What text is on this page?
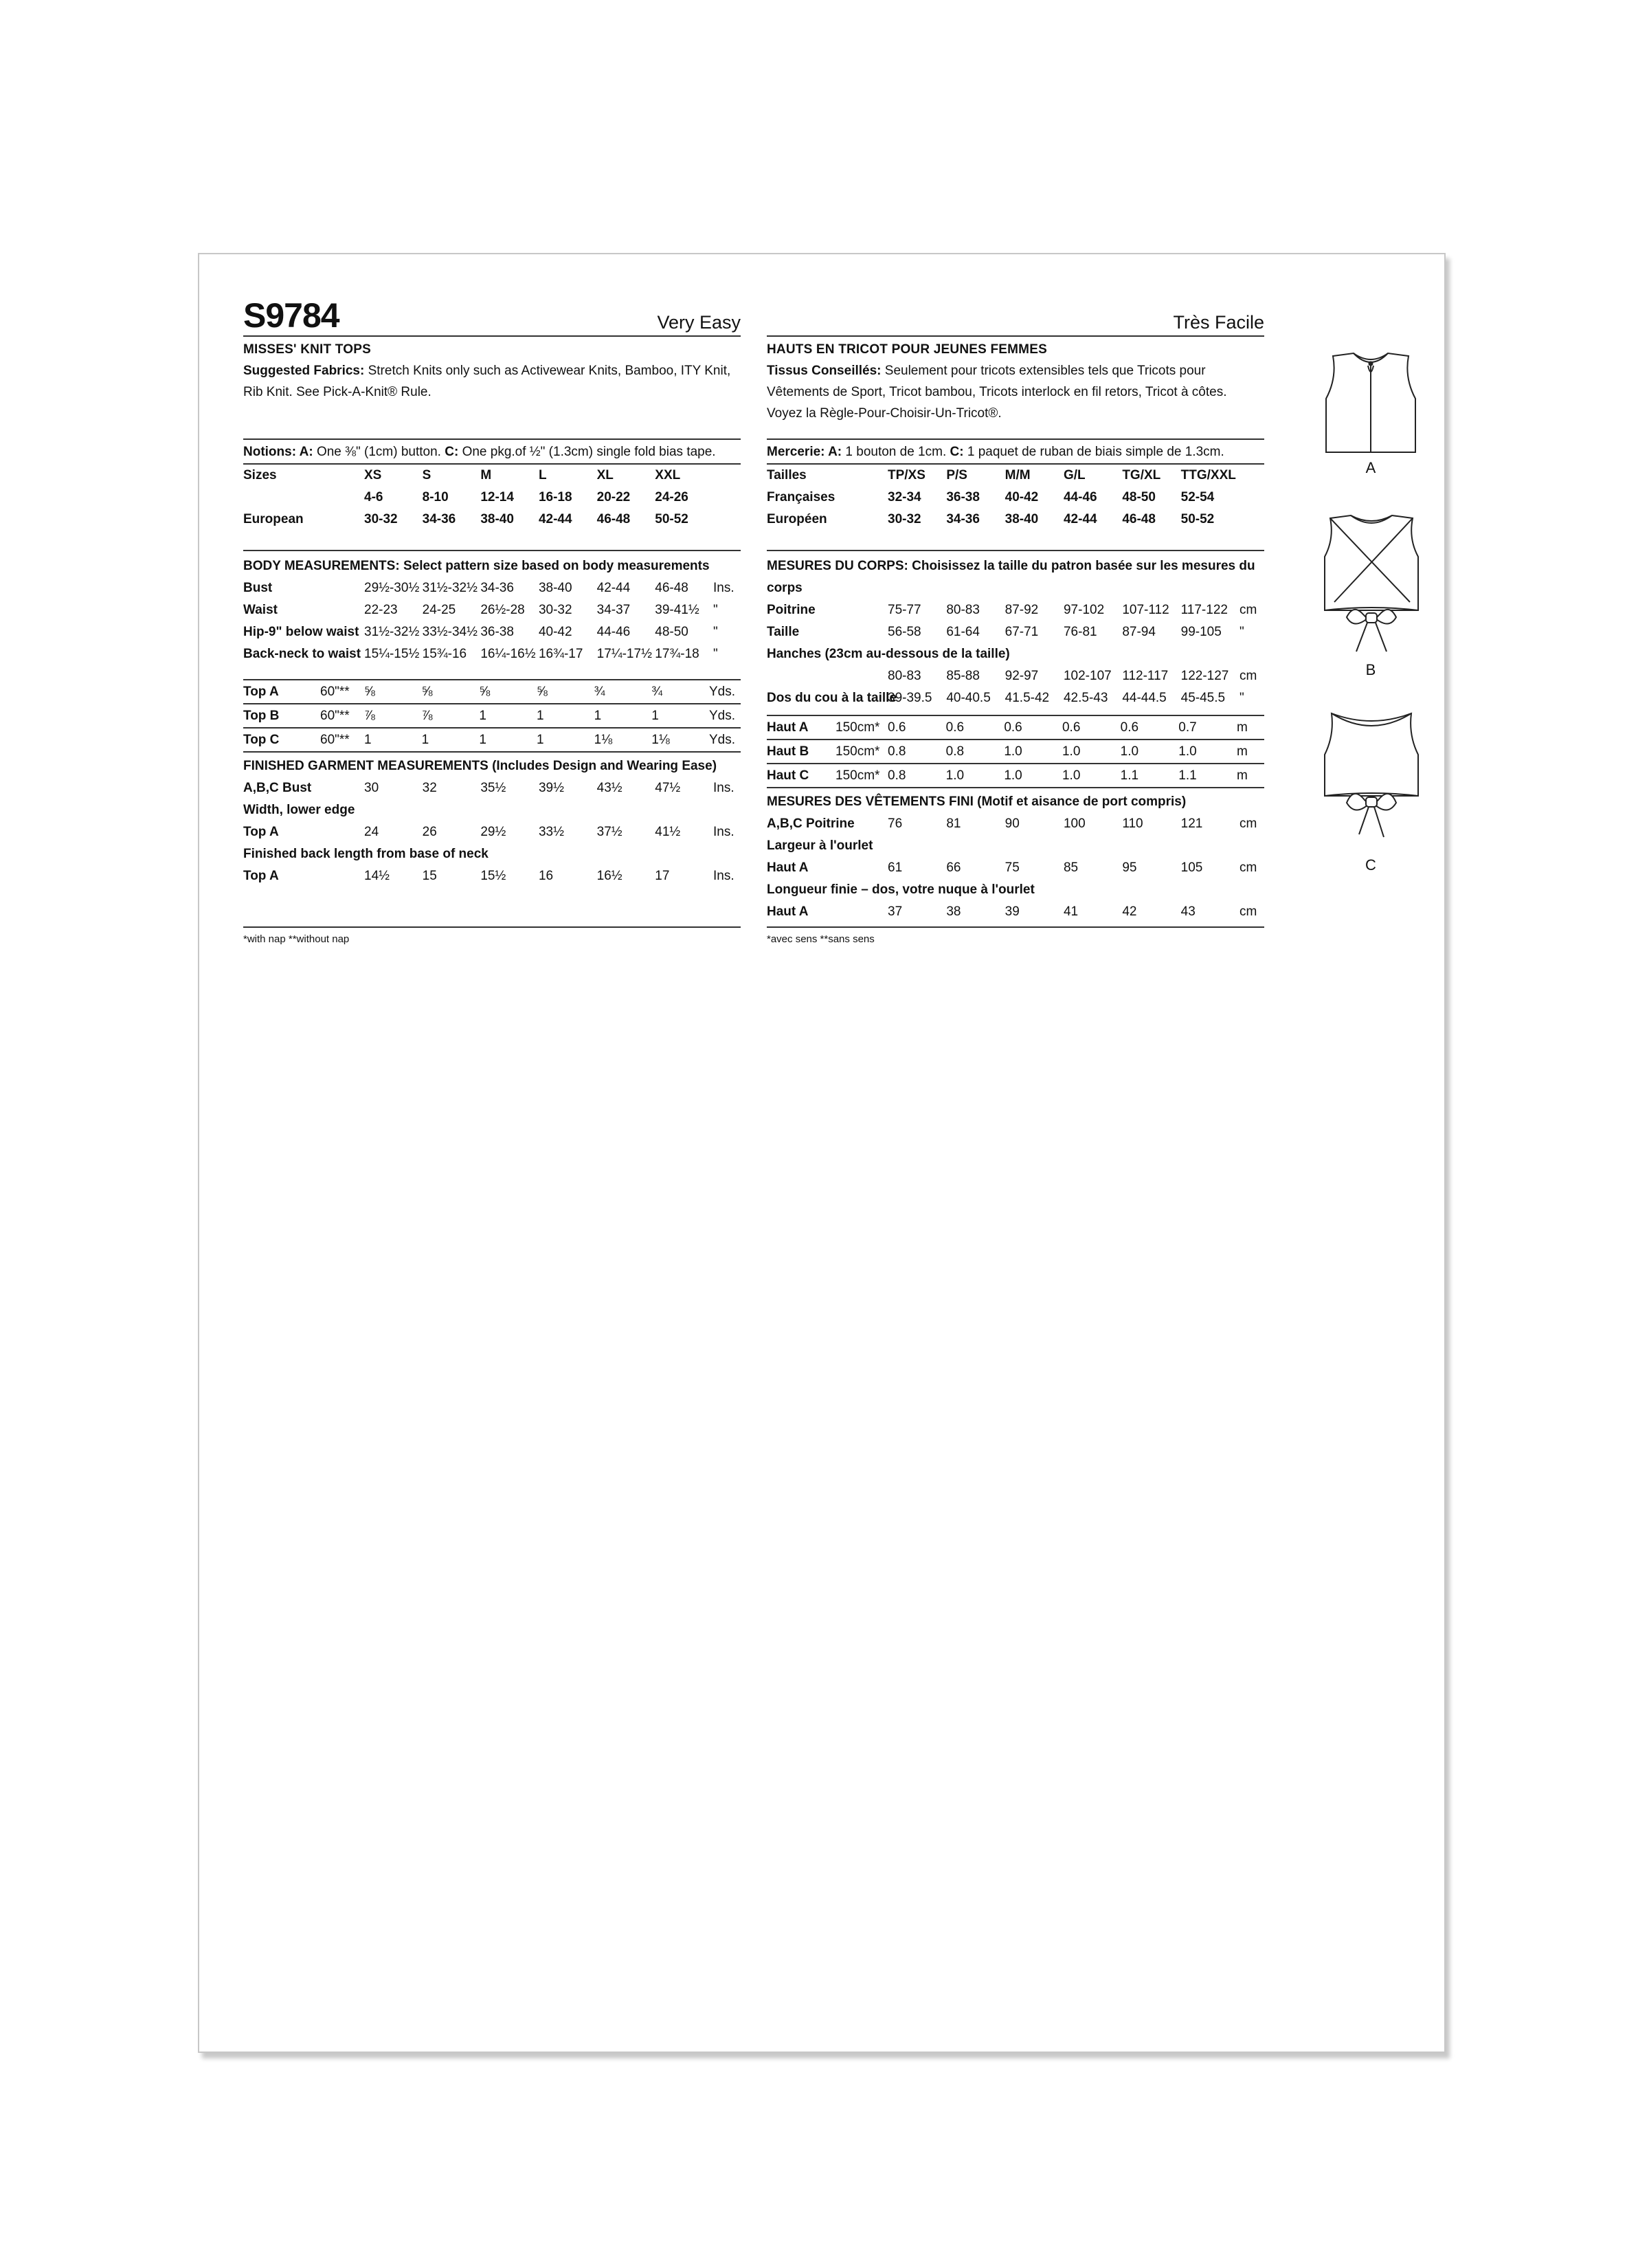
S9784	Very Easy
MISSES' KNIT TOPS
Suggested Fabrics: Stretch Knits only such as Activewear Knits, Bamboo, ITY Knit, Rib Knit. See Pick-A-Knit® Rule.
Notions: A: One ⅜" (1cm) button. C: One pkg.of ½" (1.3cm) single fold bias tape.
Sizes	XS	S	M	L	XL	XXL	
	4-6	8-10	12-14	16-18	20-22	24-26	
European	30-32	34-36	38-40	42-44	46-48	50-52	
BODY MEASUREMENTS: Select pattern size based on body measurements
Bust	29½-30½	31½-32½	34-36	38-40	42-44	46-48	Ins.
Waist	22-23	24-25	26½-28	30-32	34-37	39-41½	"
Hip-9" below waist	31½-32½	33½-34½	36-38	40-42	44-46	48-50	"
Back-neck to waist	15¼-15½	15¾-16	16¼-16½	16¾-17	17¼-17½	17¾-18	"
Top A	60"**	⅝	⅝	⅝	⅝	¾	¾	Yds.
Top B	60"**	⅞	⅞	1	1	1	1	Yds.
Top C	60"**	1	1	1	1	1⅛	1⅛	Yds.
FINISHED GARMENT MEASUREMENTS (Includes Design and Wearing Ease)
A,B,C Bust	30	32	35½	39½	43½	47½	Ins.
Width, lower edge
Top A	24	26	29½	33½	37½	41½	Ins.
Finished back length from base of neck
Top A	14½	15	15½	16	16½	17	Ins.
*with nap **without nap
Très Facile
HAUTS EN TRICOT POUR JEUNES FEMMES
Tissus Conseillés: Seulement pour tricots extensibles tels que Tricots pour Vêtements de Sport, Tricot bambou, Tricots interlock en fil retors, Tricot à côtes. Voyez la Règle-Pour-Choisir-Un-Tricot®.
Mercerie: A: 1 bouton de 1cm. C: 1 paquet de ruban de biais simple de 1.3cm.
Tailles	TP/XS	P/S	M/M	G/L	TG/XL	TTG/XXL	
Françaises	32-34	36-38	40-42	44-46	48-50	52-54	
Européen	30-32	34-36	38-40	42-44	46-48	50-52	
MESURES DU CORPS: Choisissez la taille du patron basée sur les mesures du corps
Poitrine	75-77	80-83	87-92	97-102	107-112	117-122	cm
Taille	56-58	61-64	67-71	76-81	87-94	99-105	"
Hanches (23cm au-dessous de la taille)
	80-83	85-88	92-97	102-107	112-117	122-127	cm
Dos du cou à la taille	39-39.5	40-40.5	41.5-42	42.5-43	44-44.5	45-45.5	"
Haut A	150cm*	0.6	0.6	0.6	0.6	0.6	0.7	m
Haut B	150cm*	0.8	0.8	1.0	1.0	1.0	1.0	m
Haut C	150cm*	0.8	1.0	1.0	1.0	1.1	1.1	m
MESURES DES VÊTEMENTS FINI (Motif et aisance de port compris)
A,B,C Poitrine	76	81	90	100	110	121	cm
Largeur à l'ourlet
Haut A	61	66	75	85	95	105	cm
Longueur finie – dos, votre nuque à l'ourlet
Haut A	37	38	39	41	42	43	cm
*avec sens **sans sens
A
B
C
